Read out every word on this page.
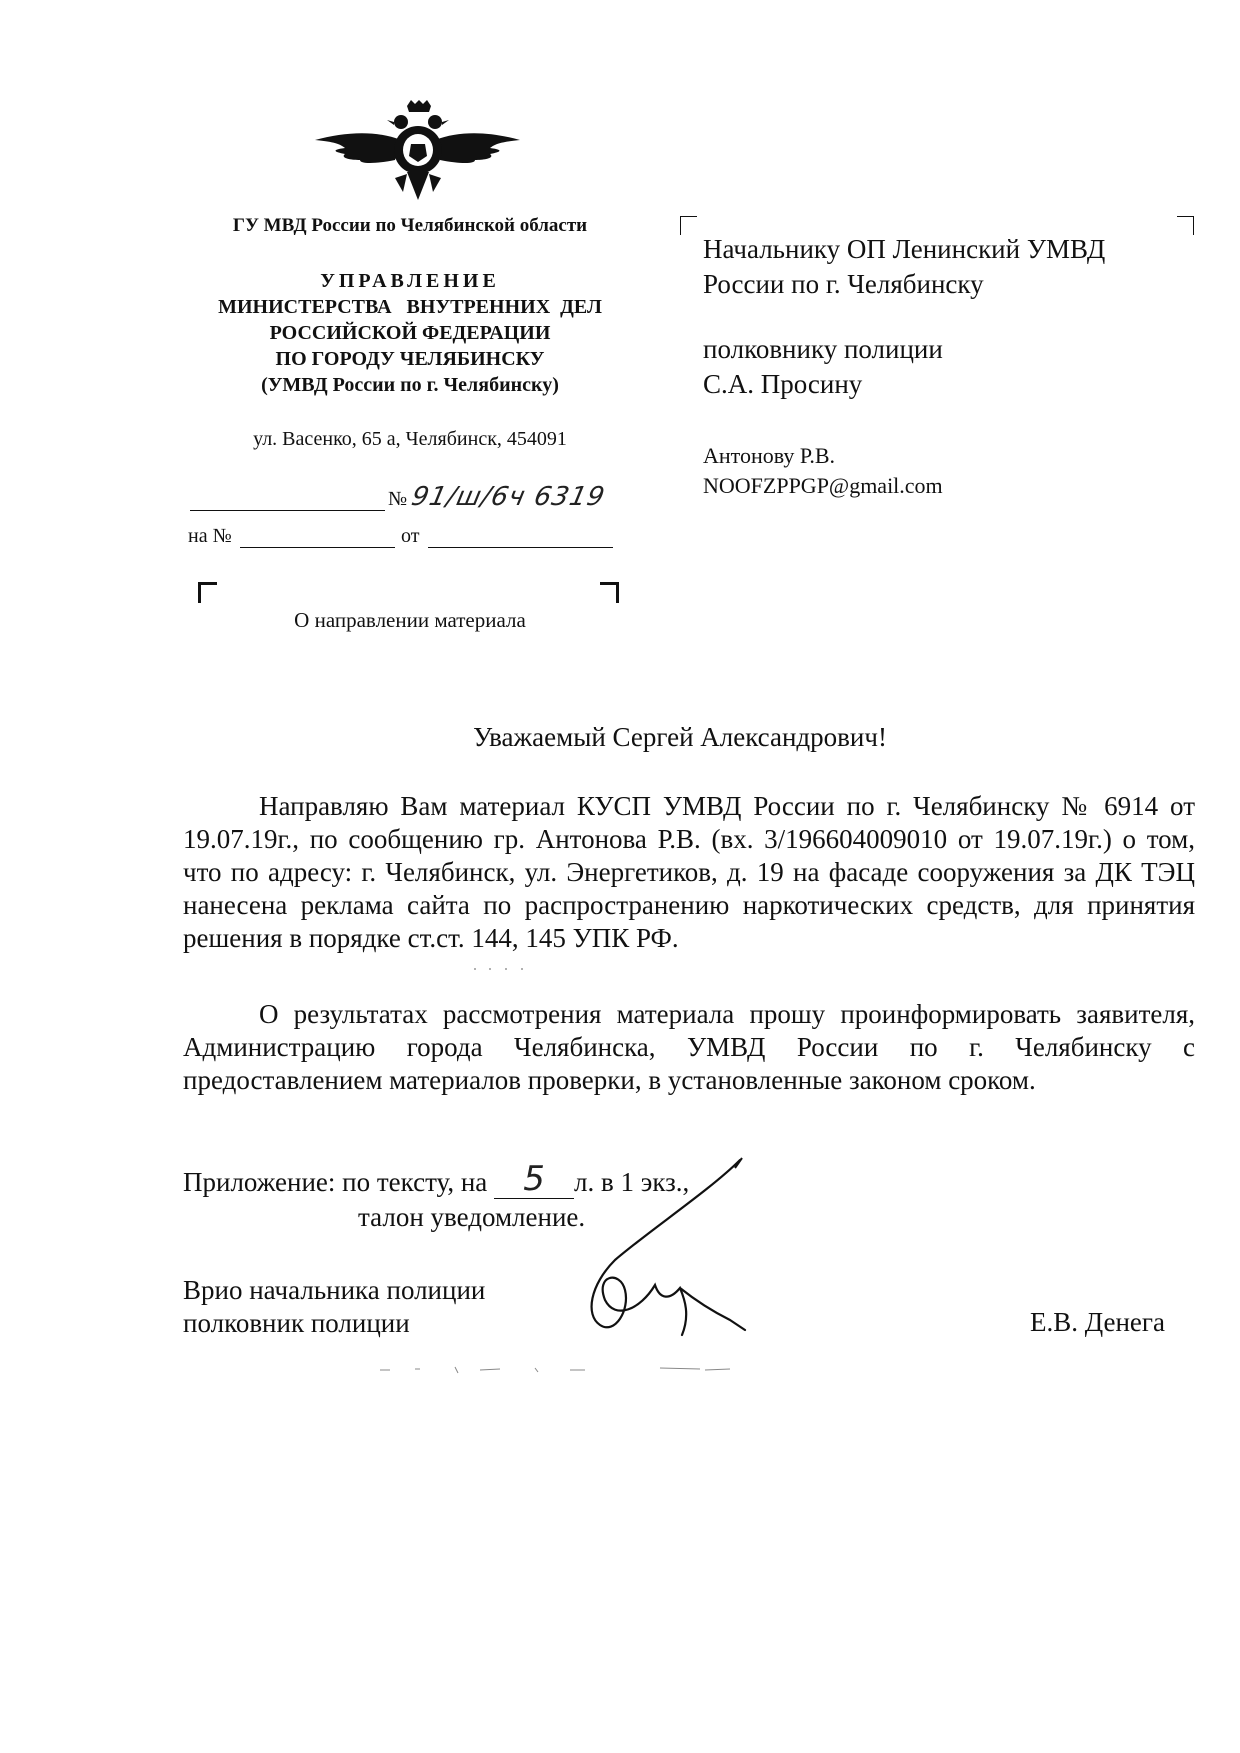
ГУ МВД России по Челябинской области
УПРАВЛЕНИЕ
МИНИСТЕРСТВА   ВНУТРЕННИХ  ДЕЛ
РОССИЙСКОЙ ФЕДЕРАЦИИ
ПО ГОРОДУ ЧЕЛЯБИНСКУ
(УМВД России по г. Челябинску)
ул. Васенко, 65 а, Челябинск, 454091
№ 91/ш/6ч 6319
на №	от
О направлении материала
Начальнику ОП Ленинский УМВД
России по г. Челябинску
полковнику полиции
С.А. Просину
Антонову Р.В.
NOOFZPPGP@gmail.com
Уважаемый Сергей Александрович!
Направляю Вам материал КУСП УМВД России по г. Челябинску № 6914 от 19.07.19г., по сообщению гр. Антонова Р.В. (вх. 3/196604009010 от 19.07.19г.) о том, что по адресу: г. Челябинск, ул. Энергетиков, д. 19 на фасаде сооружения за ДК ТЭЦ нанесена реклама сайта по распространению наркотических средств, для принятия решения в порядке ст.ст. 144, 145 УПК РФ.
О результатах рассмотрения материала прошу проинформировать заявителя, Администрацию города Челябинска, УМВД России по г. Челябинску с предоставлением материалов проверки, в установленные законом сроком.
Приложение: по тексту, на	5	л. в 1 экз.,
талон уведомление.
Врио начальника полиции
полковник полиции	Е.В. Денега
